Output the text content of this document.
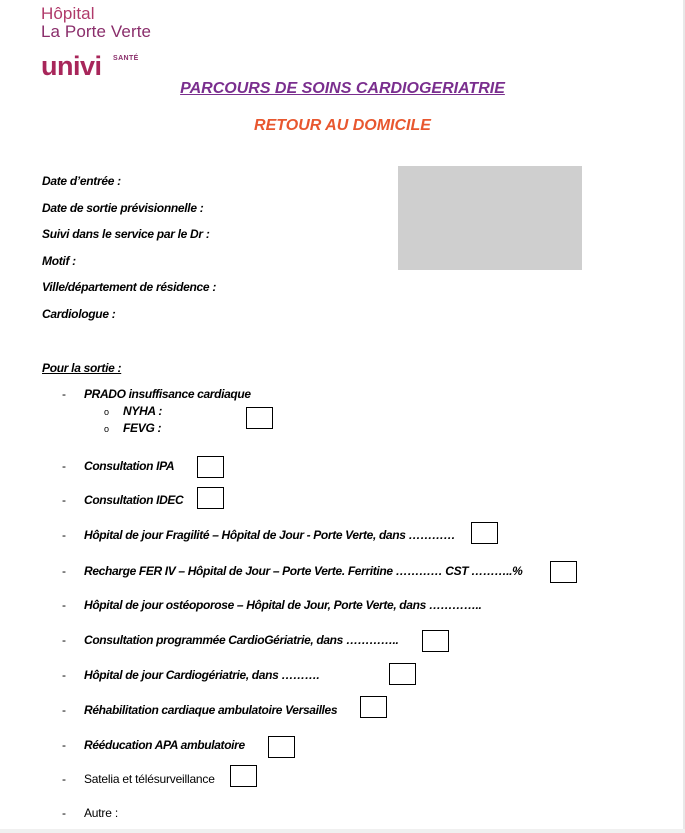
Hôpital
La Porte Verte
univi SANTÉ
PARCOURS DE SOINS CARDIOGERIATRIE
RETOUR AU DOMICILE
Date d’entrée :
Date de sortie prévisionnelle :
Suivi dans le service par le Dr :
Motif :
Ville/département de résidence :
Cardiologue :
Pour la sortie :
- PRADO insuffisance cardiaque
o NYHA :
o FEVG :
- Consultation IPA
- Consultation IDEC
- Hôpital de jour Fragilité – Hôpital de Jour - Porte Verte, dans …………
- Recharge FER IV – Hôpital de Jour – Porte Verte. Ferritine ………… CST ………..%
- Hôpital de jour ostéoporose – Hôpital de Jour, Porte Verte, dans …………..
- Consultation programmée CardioGériatrie, dans …………..
- Hôpital de jour Cardiogériatrie, dans ……….
- Réhabilitation cardiaque ambulatoire Versailles
- Rééducation APA ambulatoire
- Satelia et télésurveillance
- Autre :
